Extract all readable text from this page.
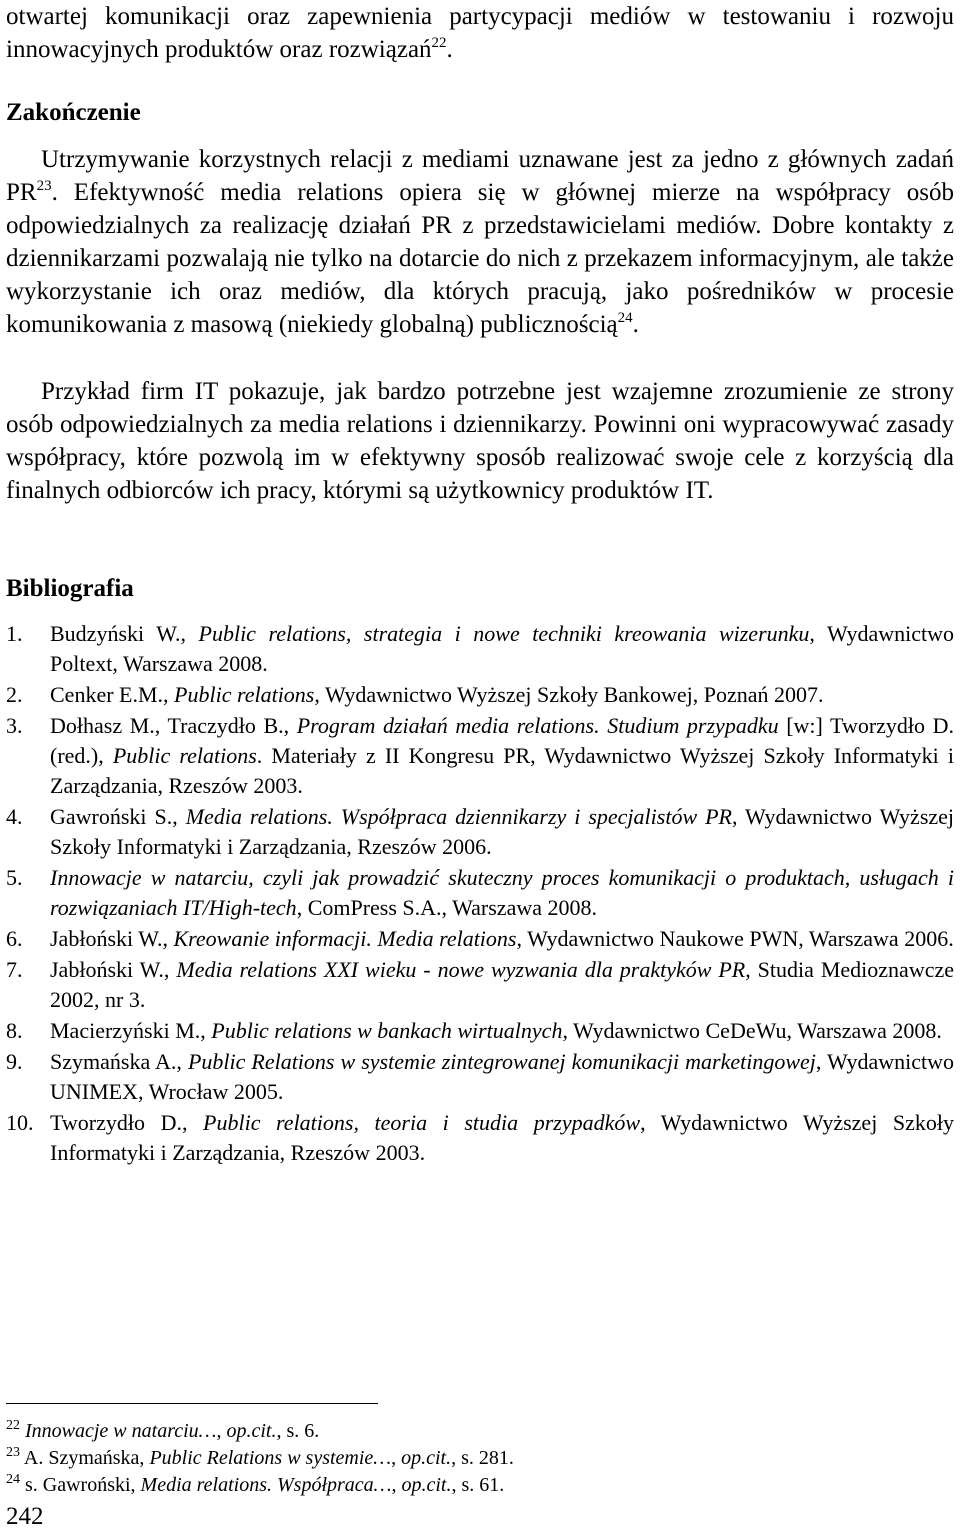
otwartej komunikacji oraz zapewnienia partycypacji mediów w testowaniu i rozwoju innowacyjnych produktów oraz rozwiązań$^{22}$.

Zakończenie

Utrzymywanie korzystnych relacji z mediami uznawane jest za jedno z głównych zadań PR$^{23}$. Efektywność media relations opiera się w głównej mierze na współpracy osób odpowiedzialnych za realizację działań PR z przedstawicielami mediów. Dobre kontakty z dziennikarzami pozwalają nie tylko na dotarcie do nich z przekazem informacyjnym, ale także wykorzystanie ich oraz mediów, dla których pracują, jako pośredników w procesie komunikowania z masową (niekiedy globalną) publicznością$^{24}$.

Przykład firm IT pokazuje, jak bardzo potrzebne jest wzajemne zrozumienie ze strony osób odpowiedzialnych za media relations i dziennikarzy. Powinni oni wypracowywać zasady współpracy, które pozwolą im w efektywny sposób realizować swoje cele z korzyścią dla finalnych odbiorców ich pracy, którymi są użytkownicy produktów IT.

Bibliografia
1. Budzyński W., Public relations, strategia i nowe techniki kreowania wizerunku, Wydawnictwo Poltext, Warszawa 2008.
2. Cenker E.M., Public relations, Wydawnictwo Wyższej Szkoły Bankowej, Poznań 2007.
3. Dołhasz M., Traczydło B., Program działań media relations. Studium przypadku [w:] Tworzydło D. (red.), Public relations. Materiały z II Kongresu PR, Wydawnictwo Wyższej Szkoły Informatyki i Zarządzania, Rzeszów 2003.
4. Gawroński S., Media relations. Współpraca dziennikarzy i specjalistów PR, Wydawnictwo Wyższej Szkoły Informatyki i Zarządzania, Rzeszów 2006.
5. Innowacje w natarciu, czyli jak prowadzić skuteczny proces komunikacji o produktach, usługach i rozwiązaniach IT/High-tech, ComPress S.A., Warszawa 2008.
6. Jabłoński W., Kreowanie informacji. Media relations, Wydawnictwo Naukowe PWN, Warszawa 2006.
7. Jabłoński W., Media relations XXI wieku - nowe wyzwania dla praktyków PR, Studia Medioznawcze 2002, nr 3.
8. Macierzyński M., Public relations w bankach wirtualnych, Wydawnictwo CeDeWu, Warszawa 2008.
9. Szymańska A., Public Relations w systemie zintegrowanej komunikacji marketingowej, Wydawnictwo UNIMEX, Wrocław 2005.
10. Tworzydło D., Public relations, teoria i studia przypadków, Wydawnictwo Wyższej Szkoły Informatyki i Zarządzania, Rzeszów 2003.
$^{22}$ Innowacje w natarciu…, op.cit., s. 6.
$^{23}$ A. Szymańska, Public Relations w systemie…, op.cit., s. 281.
$^{24}$ s. Gawroński, Media relations. Współpraca…, op.cit., s. 61.
242
